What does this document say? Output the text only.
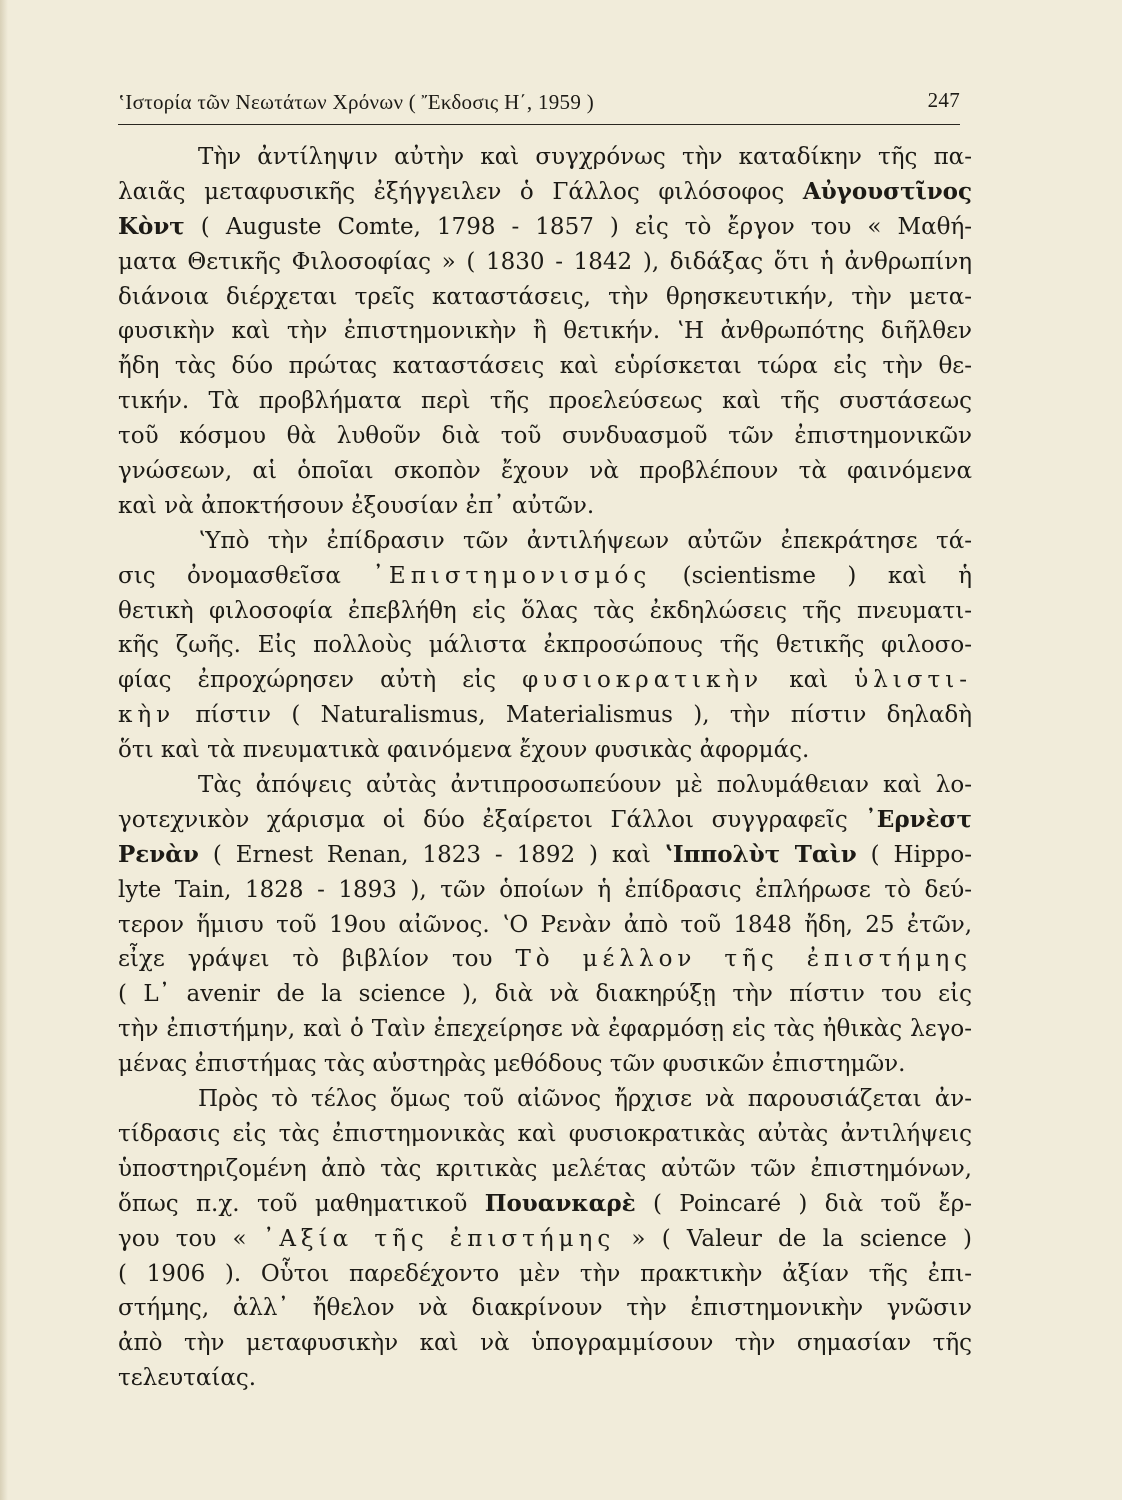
ʽΙστορία τῶν Νεωτάτων Χρόνων ( Ἔκδοσις Η΄, 1959 )	247
Τὴν ἀντίληψιν αὐτὴν καὶ συγχρόνως τὴν καταδίκην τῆς πα-
λαιᾶς μεταφυσικῆς ἐξήγγειλεν ὁ Γάλλος φιλόσοφος Αὐγουστῖνος
Κὸντ ( Auguste Comte, 1798 - 1857 ) εἰς τὸ ἔργον του « Μαθή-
ματα Θετικῆς Φιλοσοφίας » ( 1830 - 1842 ), διδάξας ὅτι ἡ ἀνθρωπίνη
διάνοια διέρχεται τρεῖς καταστάσεις, τὴν θρησκευτικήν, τὴν μετα-
φυσικὴν καὶ τὴν ἐπιστημονικὴν ἢ θετικήν. ʽΗ ἀνθρωπότης διῆλθεν
ἤδη τὰς δύο πρώτας καταστάσεις καὶ εὑρίσκεται τώρα εἰς τὴν θε-
τικήν. Τὰ προβλήματα περὶ τῆς προελεύσεως καὶ τῆς συστάσεως
τοῦ κόσμου θὰ λυθοῦν διὰ τοῦ συνδυασμοῦ τῶν ἐπιστημονικῶν
γνώσεων, αἱ ὁποῖαι σκοπὸν ἔχουν νὰ προβλέπουν τὰ φαινόμενα
καὶ νὰ ἀποκτήσουν ἐξουσίαν ἐπ᾽ αὐτῶν.
ʽΥπὸ τὴν ἐπίδρασιν τῶν ἀντιλήψεων αὐτῶν ἐπεκράτησε τά-
σις ὀνομασθεῖσα ᾽Επιστημονισμός (scientisme ) καὶ ἡ
θετικὴ φιλοσοφία ἐπεβλήθη εἰς ὅλας τὰς ἐκδηλώσεις τῆς πνευματι-
κῆς ζωῆς. Εἰς πολλοὺς μάλιστα ἐκπροσώπους τῆς θετικῆς φιλοσο-
φίας ἐπροχώρησεν αὐτὴ εἰς φυσιοκρατικὴν καὶ ὑλιστι-
κὴν πίστιν ( Naturalismus, Materialismus ), τὴν πίστιν δηλαδὴ
ὅτι καὶ τὰ πνευματικὰ φαινόμενα ἔχουν φυσικὰς ἀφορμάς.
Τὰς ἀπόψεις αὐτὰς ἀντιπροσωπεύουν μὲ πολυμάθειαν καὶ λο-
γοτεχνικὸν χάρισμα οἱ δύο ἐξαίρετοι Γάλλοι συγγραφεῖς ᾽Ερνὲστ
Ρενὰν ( Ernest Renan, 1823 - 1892 ) καὶ ʽΙππολὺτ Ταὶν ( Hippo-
lyte Tain, 1828 - 1893 ), τῶν ὁποίων ἡ ἐπίδρασις ἐπλήρωσε τὸ δεύ-
τερον ἥμισυ τοῦ 19ου αἰῶνος. ʽΟ Ρενὰν ἀπὸ τοῦ 1848 ἤδη, 25 ἐτῶν,
εἶχε γράψει τὸ βιβλίον του Τὸ μέλλον τῆς ἐπιστήμης
( L᾽ avenir de la science ), διὰ νὰ διακηρύξῃ τὴν πίστιν του εἰς
τὴν ἐπιστήμην, καὶ ὁ Ταὶν ἐπεχείρησε νὰ ἐφαρμόσῃ εἰς τὰς ἠθικὰς λεγο-
μένας ἐπιστήμας τὰς αὐστηρὰς μεθόδους τῶν φυσικῶν ἐπιστημῶν.
Πρὸς τὸ τέλος ὅμως τοῦ αἰῶνος ἤρχισε νὰ παρουσιάζεται ἀν-
τίδρασις εἰς τὰς ἐπιστημονικὰς καὶ φυσιοκρατικὰς αὐτὰς ἀντιλήψεις
ὑποστηριζομένη ἀπὸ τὰς κριτικὰς μελέτας αὐτῶν τῶν ἐπιστημόνων,
ὅπως π.χ. τοῦ μαθηματικοῦ Πουανκαρὲ ( Poincaré ) διὰ τοῦ ἔρ-
γου του « ᾽Αξία τῆς ἐπιστήμης » ( Valeur de la science )
( 1906 ). Οὗτοι παρεδέχοντο μὲν τὴν πρακτικὴν ἀξίαν τῆς ἐπι-
στήμης, ἀλλ᾽ ἤθελον νὰ διακρίνουν τὴν ἐπιστημονικὴν γνῶσιν
ἀπὸ τὴν μεταφυσικὴν καὶ νὰ ὑπογραμμίσουν τὴν σημασίαν τῆς
τελευταίας.
